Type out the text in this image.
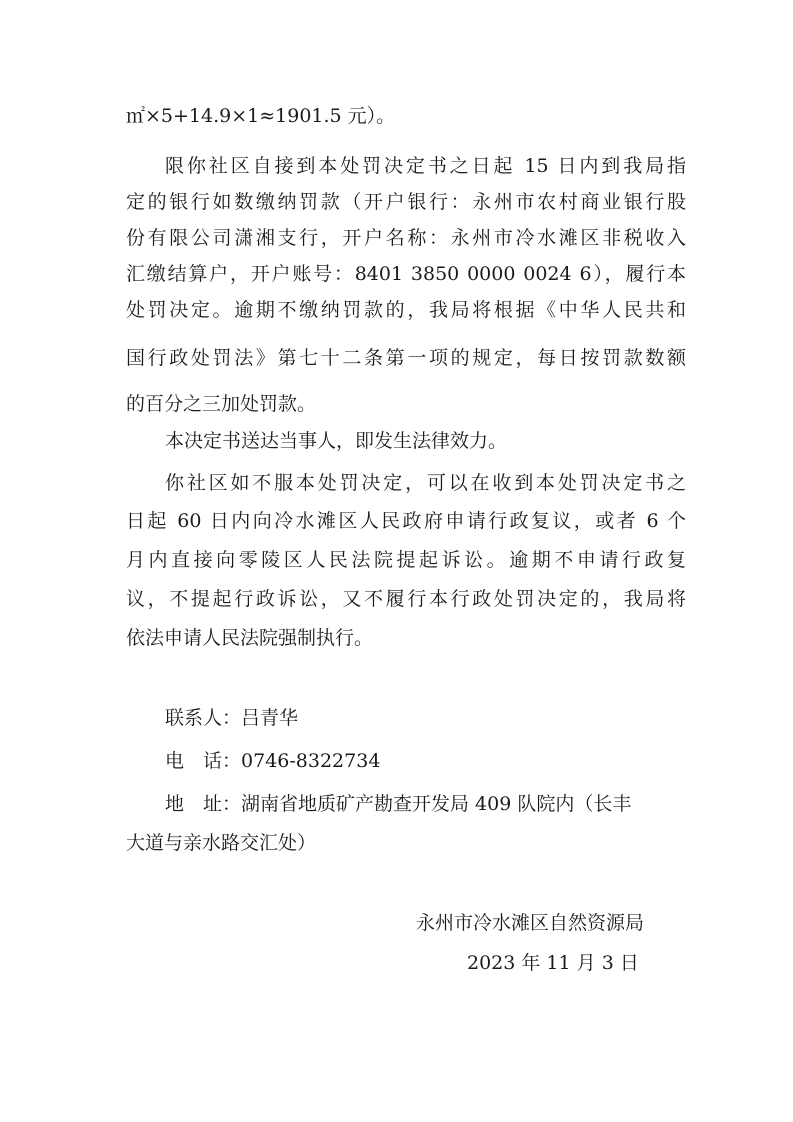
㎡×5+14.9×1≈1901.5 元）。
限你社区自接到本处罚决定书之日起 15 日内到我局指
定的银行如数缴纳罚款（开户银行：永州市农村商业银行股
份有限公司潇湘支行，开户名称：永州市冷水滩区非税收入
汇缴结算户，开户账号：8401 3850 0000 0024 6），履行本
处罚决定。逾期不缴纳罚款的，我局将根据《中华人民共和
国行政处罚法》第七十二条第一项的规定，每日按罚款数额
的百分之三加处罚款。
本决定书送达当事人，即发生法律效力。
你社区如不服本处罚决定，可以在收到本处罚决定书之
日起 60 日内向冷水滩区人民政府申请行政复议，或者 6 个
月内直接向零陵区人民法院提起诉讼。逾期不申请行政复
议，不提起行政诉讼，又不履行本行政处罚决定的，我局将
依法申请人民法院强制执行。
联系人：吕青华
电　话：0746-8322734
地　址：湖南省地质矿产勘查开发局 409 队院内（长丰
大道与亲水路交汇处）
永州市冷水滩区自然资源局
2023 年 11 月 3 日
